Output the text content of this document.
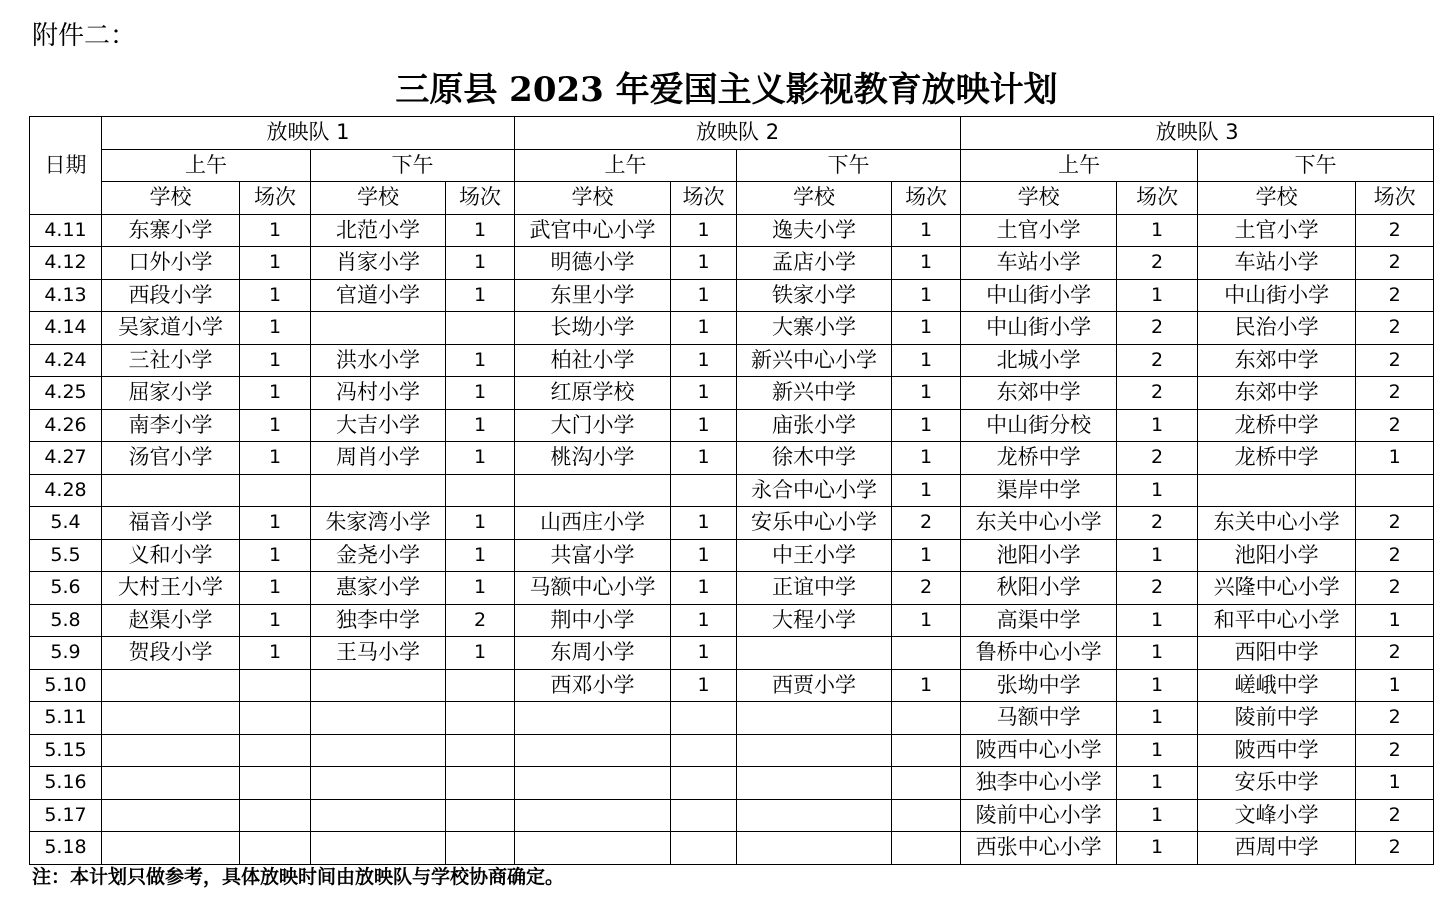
附件二：
三原县 2023 年爱国主义影视教育放映计划
日期	放映队 1				放映队 2				放映队 3			
	上午		下午		上午		下午		上午		下午	
	学校	场次	学校	场次	学校	场次	学校	场次	学校	场次	学校	场次
4.11	东寨小学	1	北范小学	1	武官中心小学	1	逸夫小学	1	土官小学	1	土官小学	2
4.12	口外小学	1	肖家小学	1	明德小学	1	孟店小学	1	车站小学	2	车站小学	2
4.13	西段小学	1	官道小学	1	东里小学	1	铁家小学	1	中山街小学	1	中山街小学	2
4.14	吴家道小学	1			长坳小学	1	大寨小学	1	中山街小学	2	民治小学	2
4.24	三社小学	1	洪水小学	1	柏社小学	1	新兴中心小学	1	北城小学	2	东郊中学	2
4.25	屈家小学	1	冯村小学	1	红原学校	1	新兴中学	1	东郊中学	2	东郊中学	2
4.26	南李小学	1	大吉小学	1	大门小学	1	庙张小学	1	中山街分校	1	龙桥中学	2
4.27	汤官小学	1	周肖小学	1	桃沟小学	1	徐木中学	1	龙桥中学	2	龙桥中学	1
4.28							永合中心小学	1	渠岸中学	1		
5.4	福音小学	1	朱家湾小学	1	山西庄小学	1	安乐中心小学	2	东关中心小学	2	东关中心小学	2
5.5	义和小学	1	金尧小学	1	共富小学	1	中王小学	1	池阳小学	1	池阳小学	2
5.6	大村王小学	1	惠家小学	1	马额中心小学	1	正谊中学	2	秋阳小学	2	兴隆中心小学	2
5.8	赵渠小学	1	独李中学	2	荆中小学	1	大程小学	1	高渠中学	1	和平中心小学	1
5.9	贺段小学	1	王马小学	1	东周小学	1			鲁桥中心小学	1	西阳中学	2
5.10					西邓小学	1	西贾小学	1	张坳中学	1	嵯峨中学	1
5.11									马额中学	1	陵前中学	2
5.15									陂西中心小学	1	陂西中学	2
5.16									独李中心小学	1	安乐中学	1
5.17									陵前中心小学	1	文峰小学	2
5.18									西张中心小学	1	西周中学	2
注：本计划只做参考，具体放映时间由放映队与学校协商确定。
